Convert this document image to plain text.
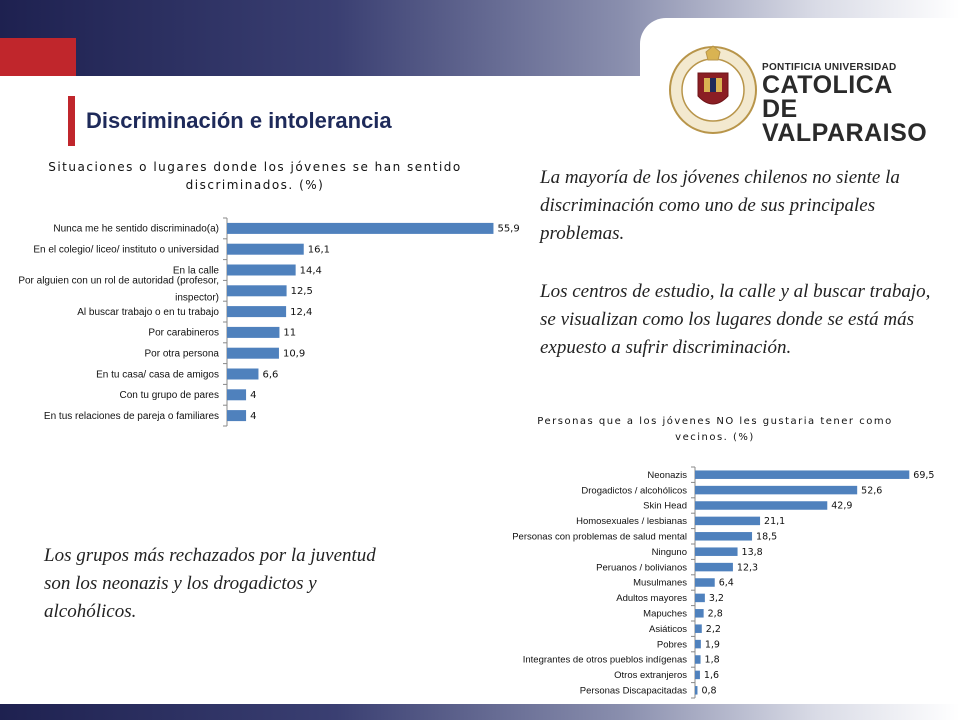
Discriminación e intolerancia
PONTIFICIA UNIVERSIDAD
CATOLICA
DE VALPARAISO
Situaciones o lugares donde los jóvenes se han sentido
discriminados. (%)
55,9
Nunca me he sentido discriminado(a)
16,1
En el colegio/ liceo/ instituto o universidad
14,4
En la calle
12,5
Por alguien con un rol de autoridad (profesor,
inspector)
12,4
Al buscar trabajo o en tu trabajo
11
Por carabineros
10,9
Por otra persona
6,6
En tu casa/ casa de amigos
4
Con tu grupo de pares
4
En tus relaciones de pareja o familiares
La mayoría de los jóvenes chilenos no siente la discriminación como uno de sus principales problemas.
Los centros de estudio, la calle y al buscar trabajo, se visualizan como los lugares donde se está más expuesto a sufrir discriminación.
Personas que a los jóvenes NO les gustaria tener como
vecinos. (%)
69,5
Neonazis
52,6
Drogadictos / alcohólicos
42,9
Skin Head
21,1
Homosexuales / lesbianas
18,5
Personas con problemas de salud mental
13,8
Ninguno
12,3
Peruanos / bolivianos
6,4
Musulmanes
3,2
Adultos mayores
2,8
Mapuches
2,2
Asiáticos
1,9
Pobres
1,8
Integrantes de otros pueblos indígenas
1,6
Otros extranjeros
0,8
Personas Discapacitadas
Los grupos más rechazados por la juventud son los neonazis y los drogadictos y alcohólicos.
